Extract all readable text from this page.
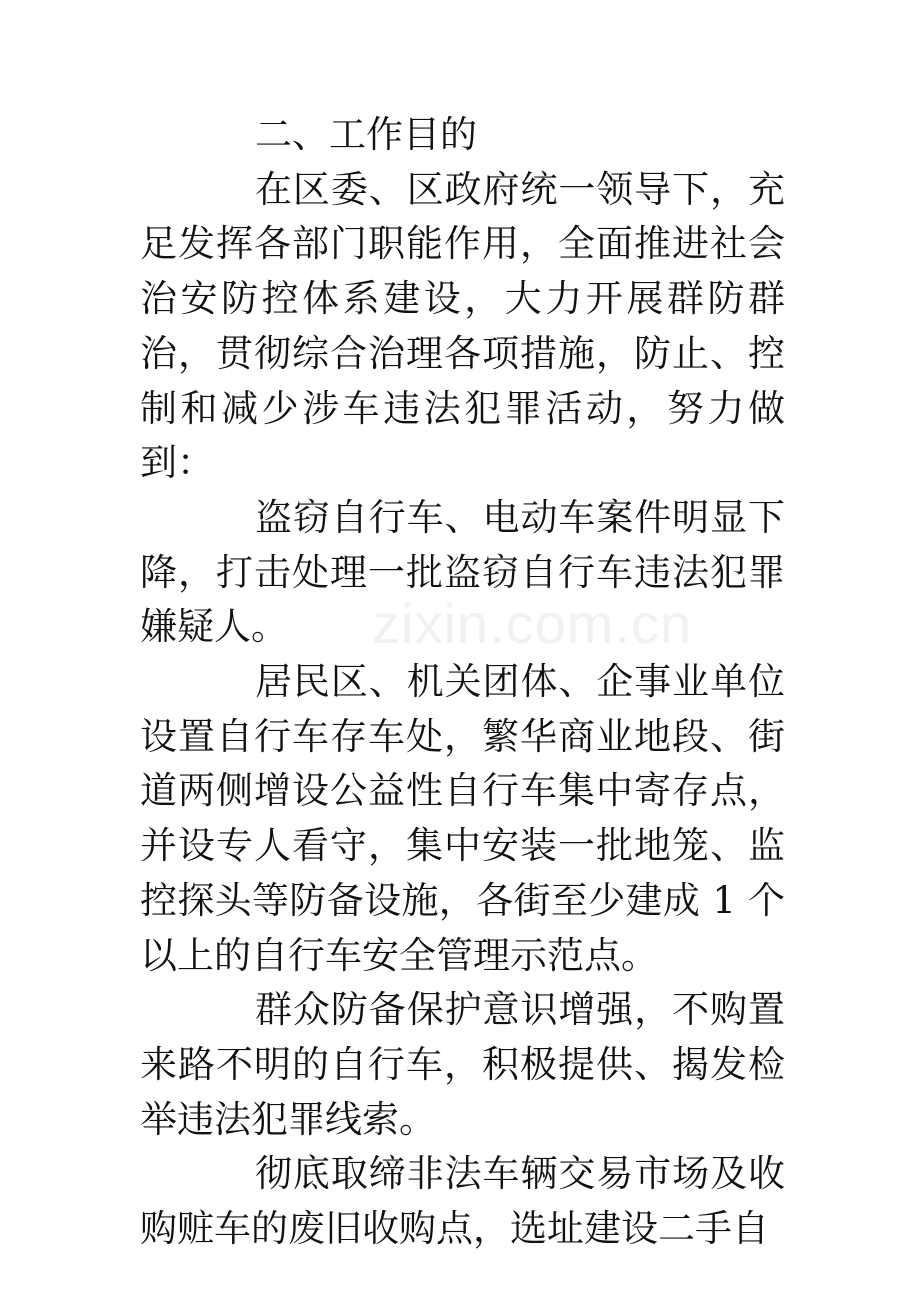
zixin.com.cn

二、工作目的

在区委、区政府统一领导下，充足发挥各部门职能作用，全面推进社会治安防控体系建设，大力开展群防群治，贯彻综合治理各项措施，防止、控制和减少涉车违法犯罪活动，努力做到：

盗窃自行车、电动车案件明显下降，打击处理一批盗窃自行车违法犯罪嫌疑人。

居民区、机关团体、企事业单位设置自行车存车处，繁华商业地段、街道两侧增设公益性自行车集中寄存点，并设专人看守，集中安装一批地笼、监控探头等防备设施，各街至少建成 1 个以上的自行车安全管理示范点。

群众防备保护意识增强，不购置来路不明的自行车，积极提供、揭发检举违法犯罪线索。

彻底取缔非法车辆交易市场及收购赃车的废旧收购点，选址建设二手自
